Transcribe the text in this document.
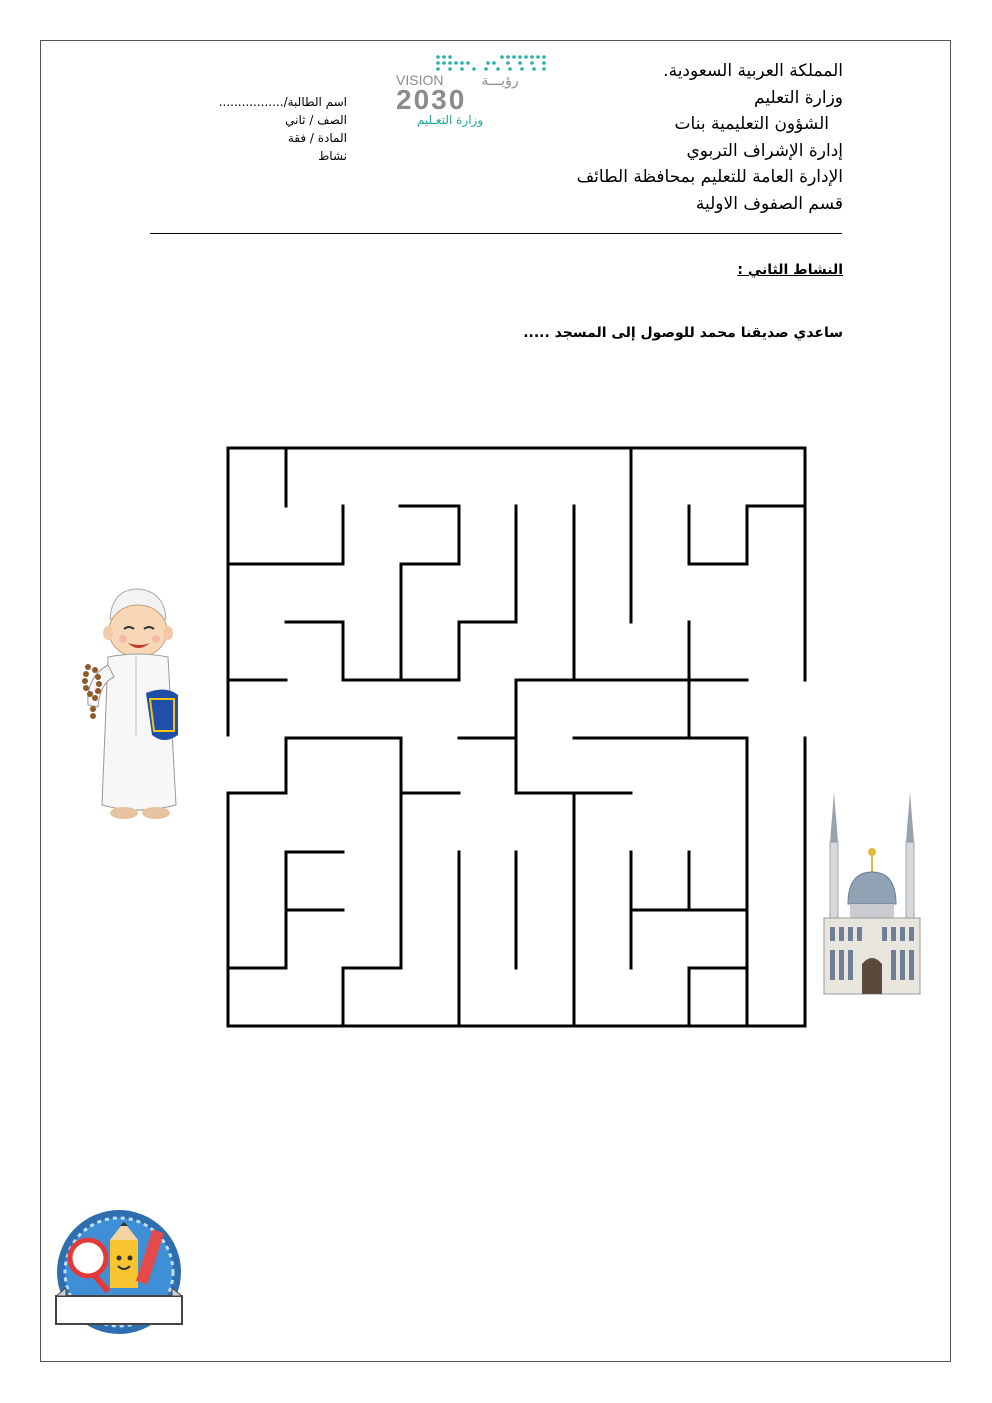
المملكة العربية السعودية.
وزارة التعليم
الشؤون التعليمية بنات
إدارة الإشراف التربوي
الإدارة العامة للتعليم بمحافظة الطائف
قسم الصفوف الاولية
اسم الطالبة/.................
الصف / ثاني
المادة / فقة
نشاط
VISION	رؤيـــة
2030
وزارة التعـليم
النشاط الثاني :
ساعدي صديقنا محمد للوصول إلى المسجد .....
